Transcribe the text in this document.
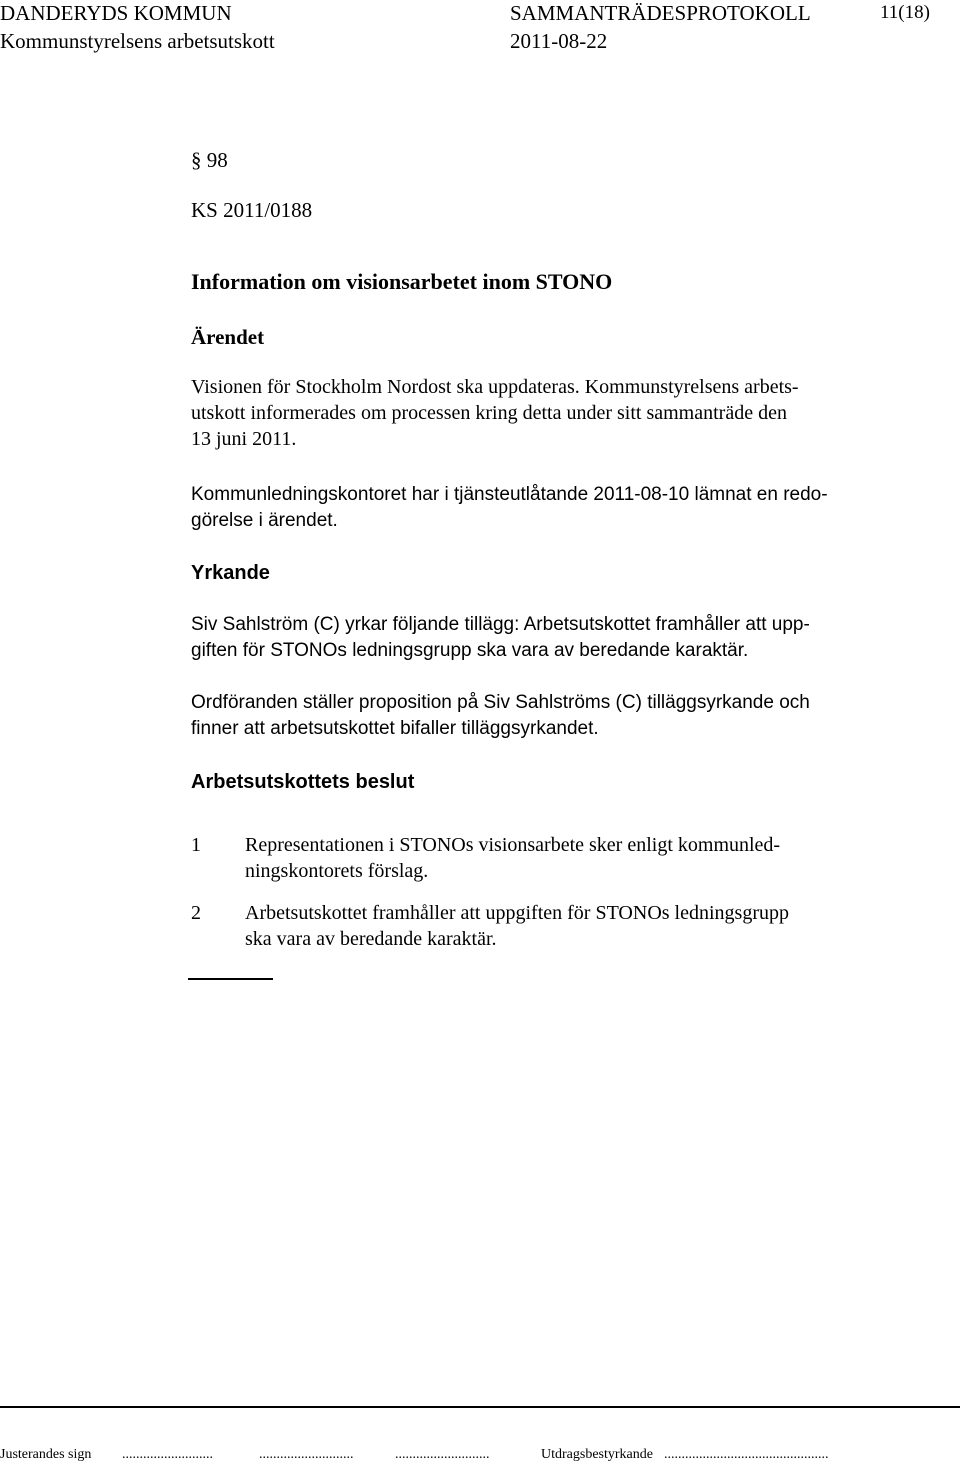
DANDERYDS KOMMUN
Kommunstyrelsens arbetsutskott
SAMMANTRÄDESPROTOKOLL
2011-08-22
11(18)
§ 98
KS 2011/0188
Information om visionsarbetet inom STONO
Ärendet
Visionen för Stockholm Nordost ska uppdateras. Kommunstyrelsens arbets-
utskott informerades om processen kring detta under sitt sammanträde den
13 juni 2011.
Kommunledningskontoret har i tjänsteutlåtande 2011-08-10 lämnat en redo-
görelse i ärendet.
Yrkande
Siv Sahlström (C) yrkar följande tillägg: Arbetsutskottet framhåller att upp-
giften för STONOs ledningsgrupp ska vara av beredande karaktär.
Ordföranden ställer proposition på Siv Sahlströms (C) tilläggsyrkande och
finner att arbetsutskottet bifaller tilläggsyrkandet.
Arbetsutskottets beslut
1 Representationen i STONOs visionsarbete sker enligt kommunled-
ningskontorets förslag.
2 Arbetsutskottet framhåller att uppgiften för STONOs ledningsgrupp
ska vara av beredande karaktär.
Justerandes sign ..........................	...........................	...........................	Utdragsbestyrkande ...............................................
